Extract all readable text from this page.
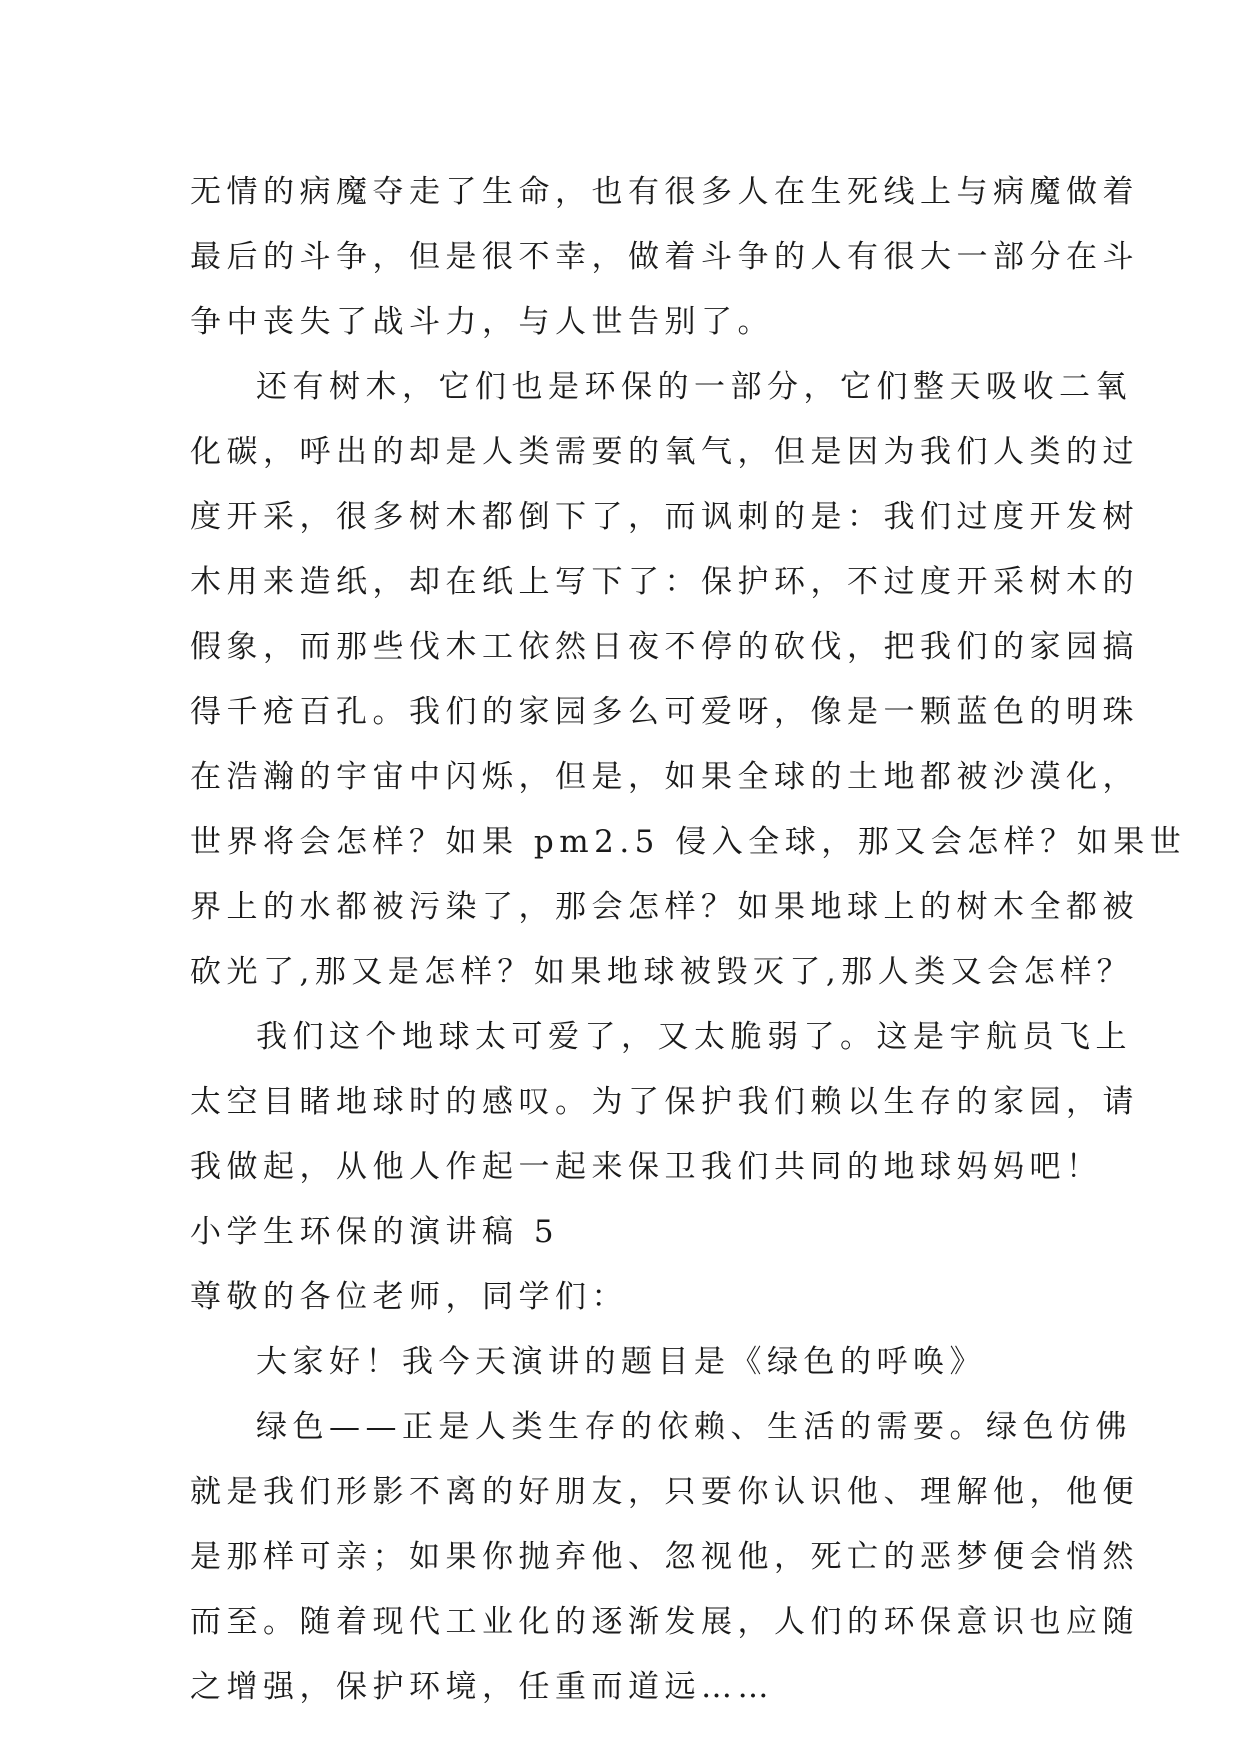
无情的病魔夺走了生命，也有很多人在生死线上与病魔做着
最后的斗争，但是很不幸，做着斗争的人有很大一部分在斗
争中丧失了战斗力，与人世告别了。
还有树木，它们也是环保的一部分，它们整天吸收二氧
化碳，呼出的却是人类需要的氧气，但是因为我们人类的过
度开采，很多树木都倒下了，而讽刺的是：我们过度开发树
木用来造纸，却在纸上写下了：保护环，不过度开采树木的
假象，而那些伐木工依然日夜不停的砍伐，把我们的家园搞
得千疮百孔。我们的家园多么可爱呀，像是一颗蓝色的明珠
在浩瀚的宇宙中闪烁，但是，如果全球的土地都被沙漠化，
世界将会怎样？如果 pm2.5 侵入全球，那又会怎样？如果世
界上的水都被污染了，那会怎样？如果地球上的树木全都被
砍光了,那又是怎样？如果地球被毁灭了,那人类又会怎样？
我们这个地球太可爱了，又太脆弱了。这是宇航员飞上
太空目睹地球时的感叹。为了保护我们赖以生存的家园，请
我做起，从他人作起一起来保卫我们共同的地球妈妈吧！
小学生环保的演讲稿 5
尊敬的各位老师，同学们：
大家好！我今天演讲的题目是《绿色的呼唤》
绿色——正是人类生存的依赖、生活的需要。绿色仿佛
就是我们形影不离的好朋友，只要你认识他、理解他，他便
是那样可亲；如果你抛弃他、忽视他，死亡的恶梦便会悄然
而至。随着现代工业化的逐渐发展，人们的环保意识也应随
之增强，保护环境，任重而道远……
